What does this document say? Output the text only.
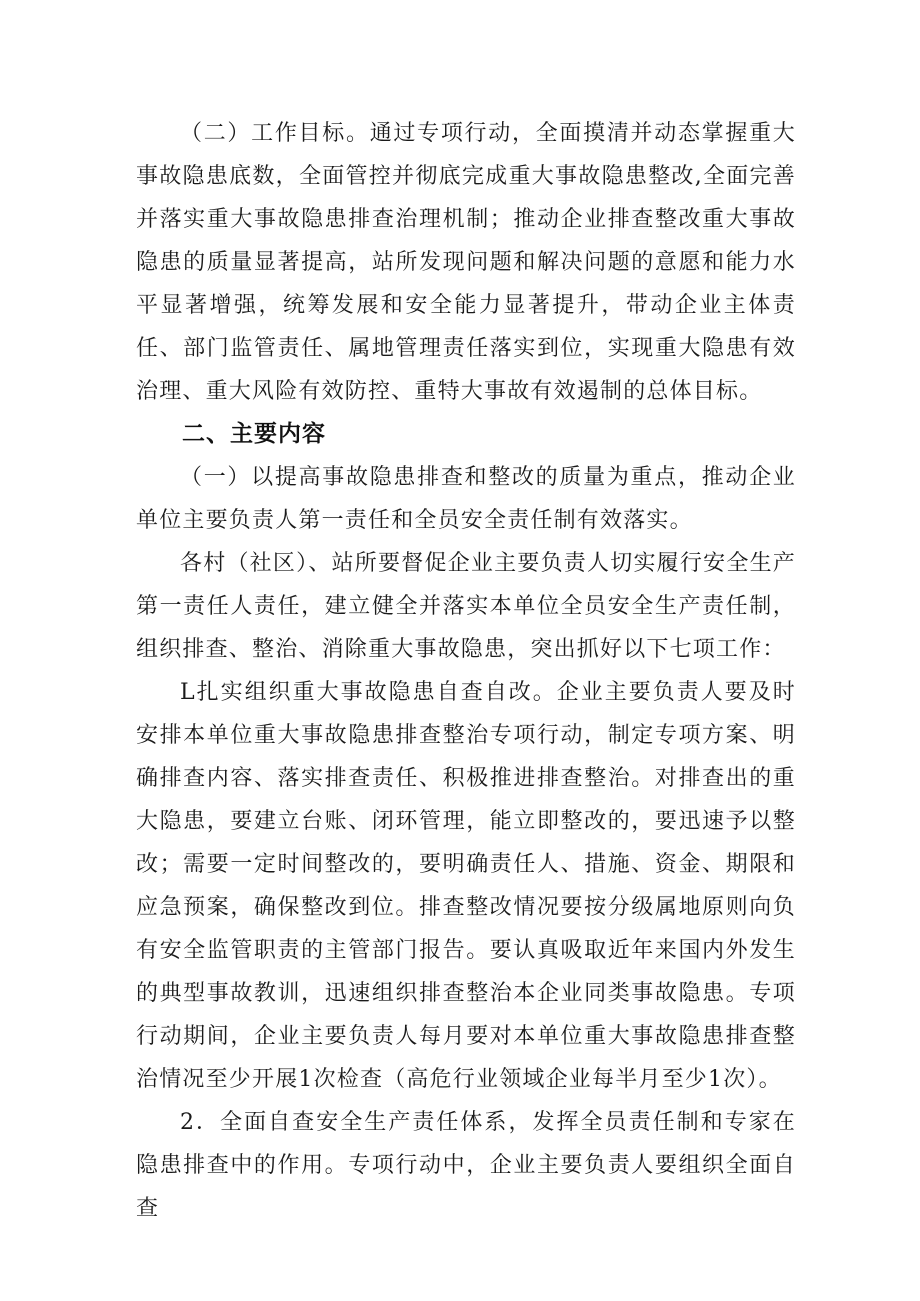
（二）工作目标。通过专项行动，全面摸清并动态掌握重大事故隐患底数，全面管控并彻底完成重大事故隐患整改,全面完善并落实重大事故隐患排查治理机制；推动企业排查整改重大事故隐患的质量显著提高，站所发现问题和解决问题的意愿和能力水平显著增强，统筹发展和安全能力显著提升，带动企业主体责任、部门监管责任、属地管理责任落实到位，实现重大隐患有效治理、重大风险有效防控、重特大事故有效遏制的总体目标。

二、主要内容

（一）以提高事故隐患排查和整改的质量为重点，推动企业单位主要负责人第一责任和全员安全责任制有效落实。

各村（社区）、站所要督促企业主要负责人切实履行安全生产第一责任人责任，建立健全并落实本单位全员安全生产责任制，组织排查、整治、消除重大事故隐患，突出抓好以下七项工作：

L扎实组织重大事故隐患自查自改。企业主要负责人要及时安排本单位重大事故隐患排查整治专项行动，制定专项方案、明确排查内容、落实排查责任、积极推进排查整治。对排查出的重大隐患，要建立台账、闭环管理，能立即整改的，要迅速予以整改；需要一定时间整改的，要明确责任人、措施、资金、期限和应急预案，确保整改到位。排查整改情况要按分级属地原则向负有安全监管职责的主管部门报告。要认真吸取近年来国内外发生的典型事故教训，迅速组织排查整治本企业同类事故隐患。专项行动期间，企业主要负责人每月要对本单位重大事故隐患排查整治情况至少开展1次检查（高危行业领域企业每半月至少1次）。

2．全面自查安全生产责任体系，发挥全员责任制和专家在隐患排查中的作用。专项行动中，企业主要负责人要组织全面自查
